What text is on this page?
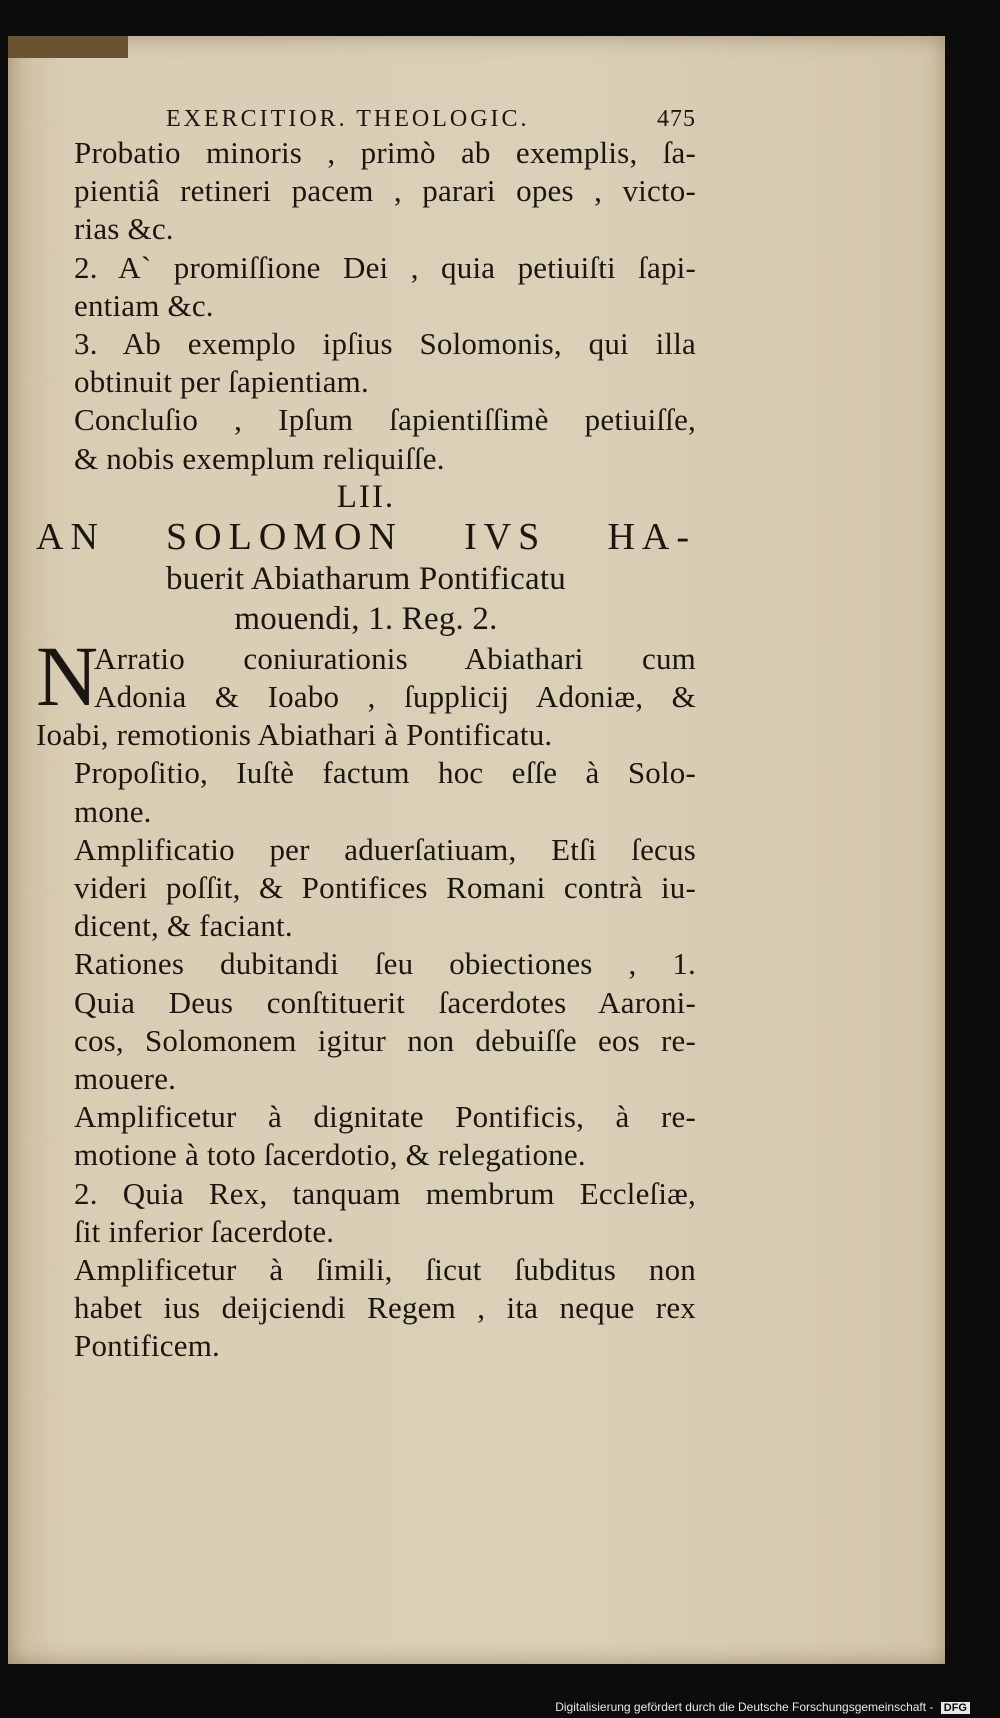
EXERCITIOR. THEOLOGIC.	475
Probatio minoris , primò ab exemplis, ſa-
pientiâ retineri pacem , parari opes , victo-
rias &c.
2. A` promiſſione Dei , quia petiuiſti ſapi-
entiam &c.
3. Ab exemplo ipſius Solomonis, qui illa
obtinuit per ſapientiam.
Concluſio , Ipſum ſapientiſſimè petiuiſſe,
& nobis exemplum reliquiſſe.
LII.
AN SOLOMON IVS HA-
buerit Abiatharum Pontificatu
mouendi, 1. Reg. 2.
N
Arratio coniurationis Abiathari cum
Adonia & Ioabo , ſupplicij Adoniæ, &
Ioabi, remotionis Abiathari à Pontificatu.
Propoſitio, Iuſtè factum hoc eſſe à Solo-
mone.
Amplificatio per aduerſatiuam, Etſi ſecus
videri poſſit, & Pontifices Romani contrà iu-
dicent, & faciant.
Rationes dubitandi ſeu obiectiones , 1.
Quia Deus conſtituerit ſacerdotes Aaroni-
cos, Solomonem igitur non debuiſſe eos re-
mouere.
Amplificetur à dignitate Pontificis, à re-
motione à toto ſacerdotio, & relegatione.
2. Quia Rex, tanquam membrum Eccleſiæ,
ſit inferior ſacerdote.
Amplificetur à ſimili, ſicut ſubditus non
habet ius deijciendi Regem , ita neque rex
Pontificem.
Digitalisierung gefördert durch die Deutsche Forschungsgemeinschaft - DFG
